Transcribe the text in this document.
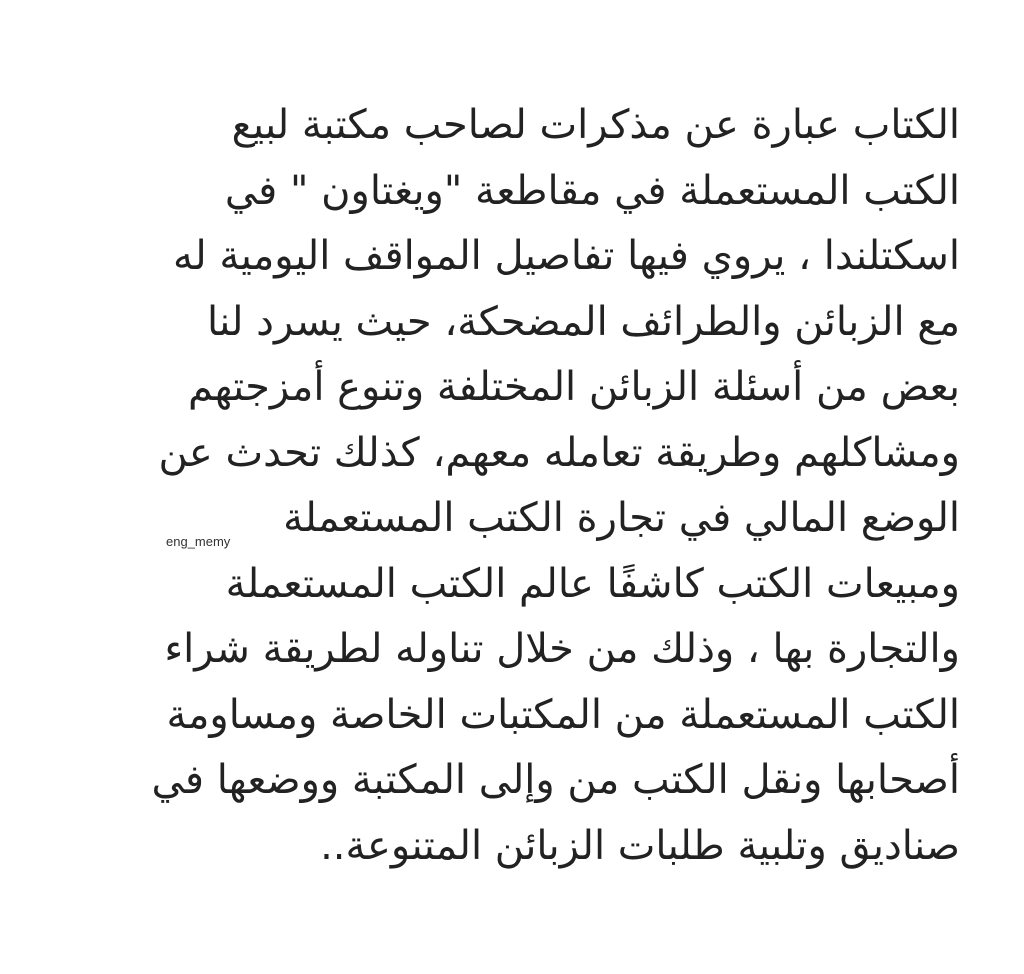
الكتاب عبارة عن مذكرات لصاحب مكتبة لبيع
الكتب المستعملة في مقاطعة "ويغتاون " في
اسكتلندا ، يروي فيها تفاصيل المواقف اليومية له
مع الزبائن والطرائف المضحكة، حيث يسرد لنا
بعض من أسئلة الزبائن المختلفة وتنوع أمزجتهم
ومشاكلهم وطريقة تعامله معهم، كذلك تحدث عن
الوضع المالي في تجارة الكتب المستعملة
ومبيعات الكتب كاشفًا عالم الكتب المستعملة
والتجارة بها ، وذلك من خلال تناوله لطريقة شراء
الكتب المستعملة من المكتبات الخاصة ومساومة
أصحابها ونقل الكتب من وإلى المكتبة ووضعها في
صناديق وتلبية طلبات الزبائن المتنوعة..
eng_memy
